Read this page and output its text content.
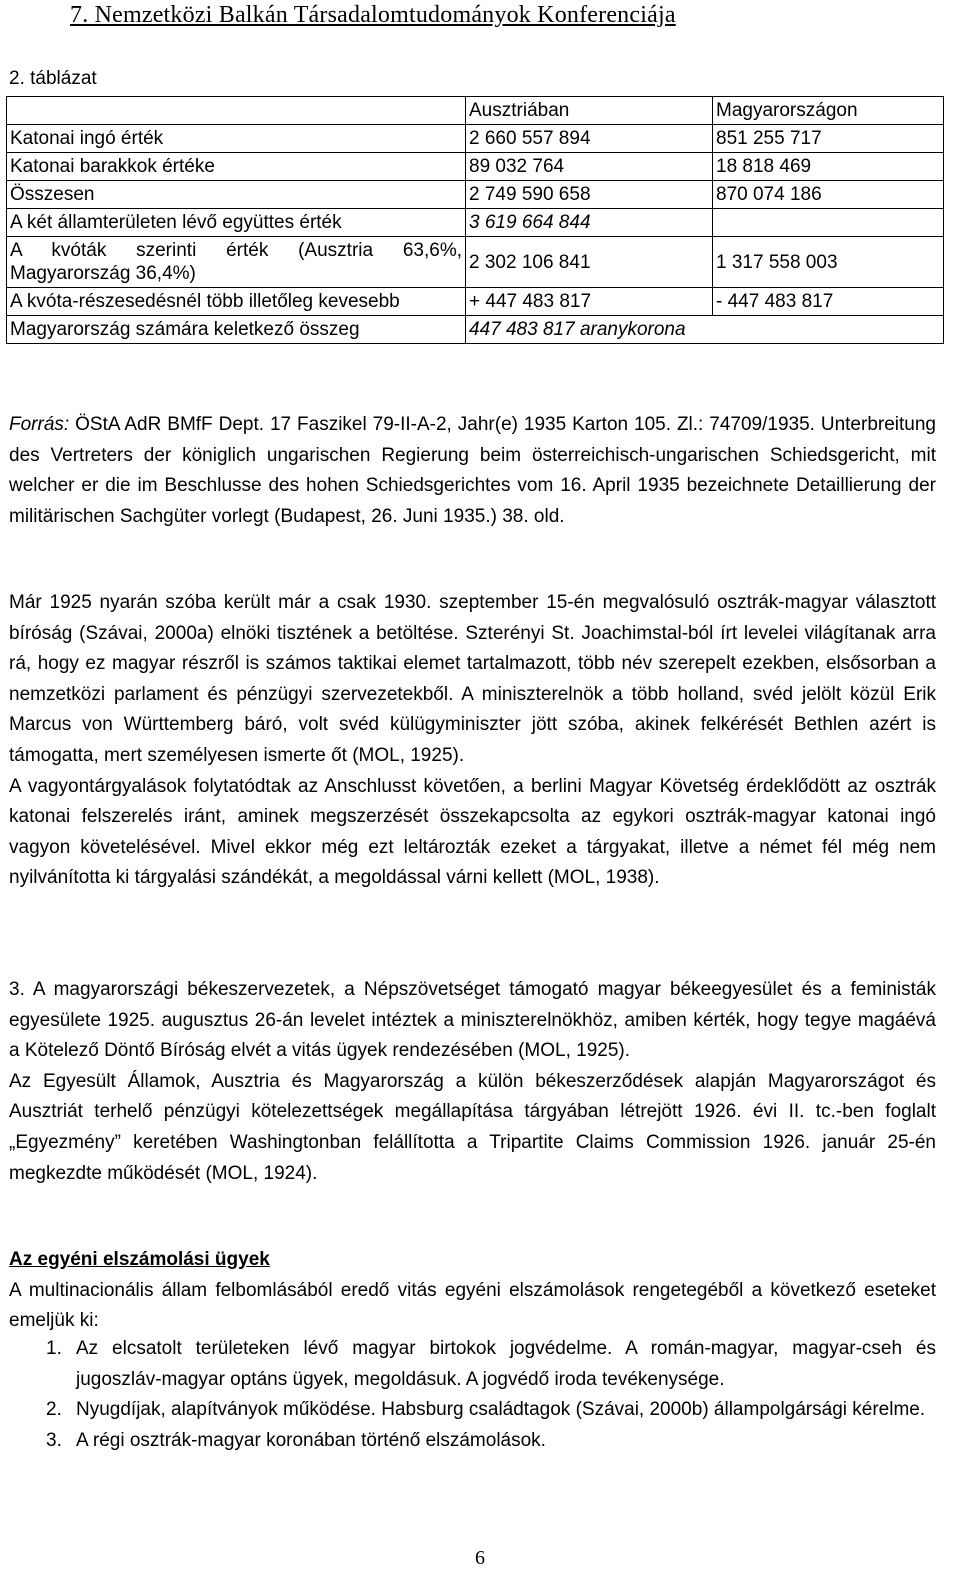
7. Nemzetközi Balkán Társadalomtudományok Konferenciája
2. táblázat
	Ausztriában	Magyarországon
Katonai ingó érték	2 660 557 894	851 255 717
Katonai barakkok értéke	89 032 764	18 818 469
Összesen	2 749 590 658	870 074 186
A két államterületen lévő együttes érték	3 619 664 844	
A kvóták szerinti érték (Ausztria 63,6%, Magyarország 36,4%)	2 302 106 841	1 317 558 003
A kvóta-részesedésnél több illetőleg kevesebb	+ 447 483 817	- 447 483 817
Magyarország számára keletkező összeg	447 483 817 aranykorona	
Forrás: ÖStA AdR BMfF Dept. 17 Faszikel 79-II-A-2, Jahr(e) 1935 Karton 105. Zl.: 74709/1935. Unterbreitung des Vertreters der königlich ungarischen Regierung beim österreichisch-ungarischen Schiedsgericht, mit welcher er die im Beschlusse des hohen Schiedsgerichtes vom 16. April 1935 bezeichnete Detaillierung der militärischen Sachgüter vorlegt (Budapest, 26. Juni 1935.) 38. old.
Már 1925 nyarán szóba került már a csak 1930. szeptember 15-én megvalósuló osztrák-magyar választott bíróság (Szávai, 2000a) elnöki tisztének a betöltése. Szterényi St. Joachimstal-ból írt levelei világítanak arra rá, hogy ez magyar részről is számos taktikai elemet tartalmazott, több név szerepelt ezekben, elsősorban a nemzetközi parlament és pénzügyi szervezetekből. A miniszterelnök a több holland, svéd jelölt közül Erik Marcus von Württemberg báró, volt svéd külügyminiszter jött szóba, akinek felkérését Bethlen azért is támogatta, mert személyesen ismerte őt (MOL, 1925).
A vagyontárgyalások folytatódtak az Anschlusst követően, a berlini Magyar Követség érdeklődött az osztrák katonai felszerelés iránt, aminek megszerzését összekapcsolta az egykori osztrák-magyar katonai ingó vagyon követelésével. Mivel ekkor még ezt leltározták ezeket a tárgyakat, illetve a német fél még nem nyilvánította ki tárgyalási szándékát, a megoldással várni kellett (MOL, 1938).
3. A magyarországi békeszervezetek, a Népszövetséget támogató magyar békeegyesület és a feministák egyesülete 1925. augusztus 26-án levelet intéztek a miniszterelnökhöz, amiben kérték, hogy tegye magáévá a Kötelező Döntő Bíróság elvét a vitás ügyek rendezésében (MOL, 1925).
Az Egyesült Államok, Ausztria és Magyarország a külön békeszerződések alapján Magyarországot és Ausztriát terhelő pénzügyi kötelezettségek megállapítása tárgyában létrejött 1926. évi II. tc.-ben foglalt „Egyezmény” keretében Washingtonban felállította a Tripartite Claims Commission 1926. január 25-én megkezdte működését (MOL, 1924).
Az egyéni elszámolási ügyek
A multinacionális állam felbomlásából eredő vitás egyéni elszámolások rengetegéből a következő eseteket emeljük ki:
1. Az elcsatolt területeken lévő magyar birtokok jogvédelme. A román-magyar, magyar-cseh és jugoszláv-magyar optáns ügyek, megoldásuk. A jogvédő iroda tevékenysége.
2. Nyugdíjak, alapítványok működése. Habsburg családtagok (Szávai, 2000b) állampolgársági kérelme.
3. A régi osztrák-magyar koronában történő elszámolások.
6
